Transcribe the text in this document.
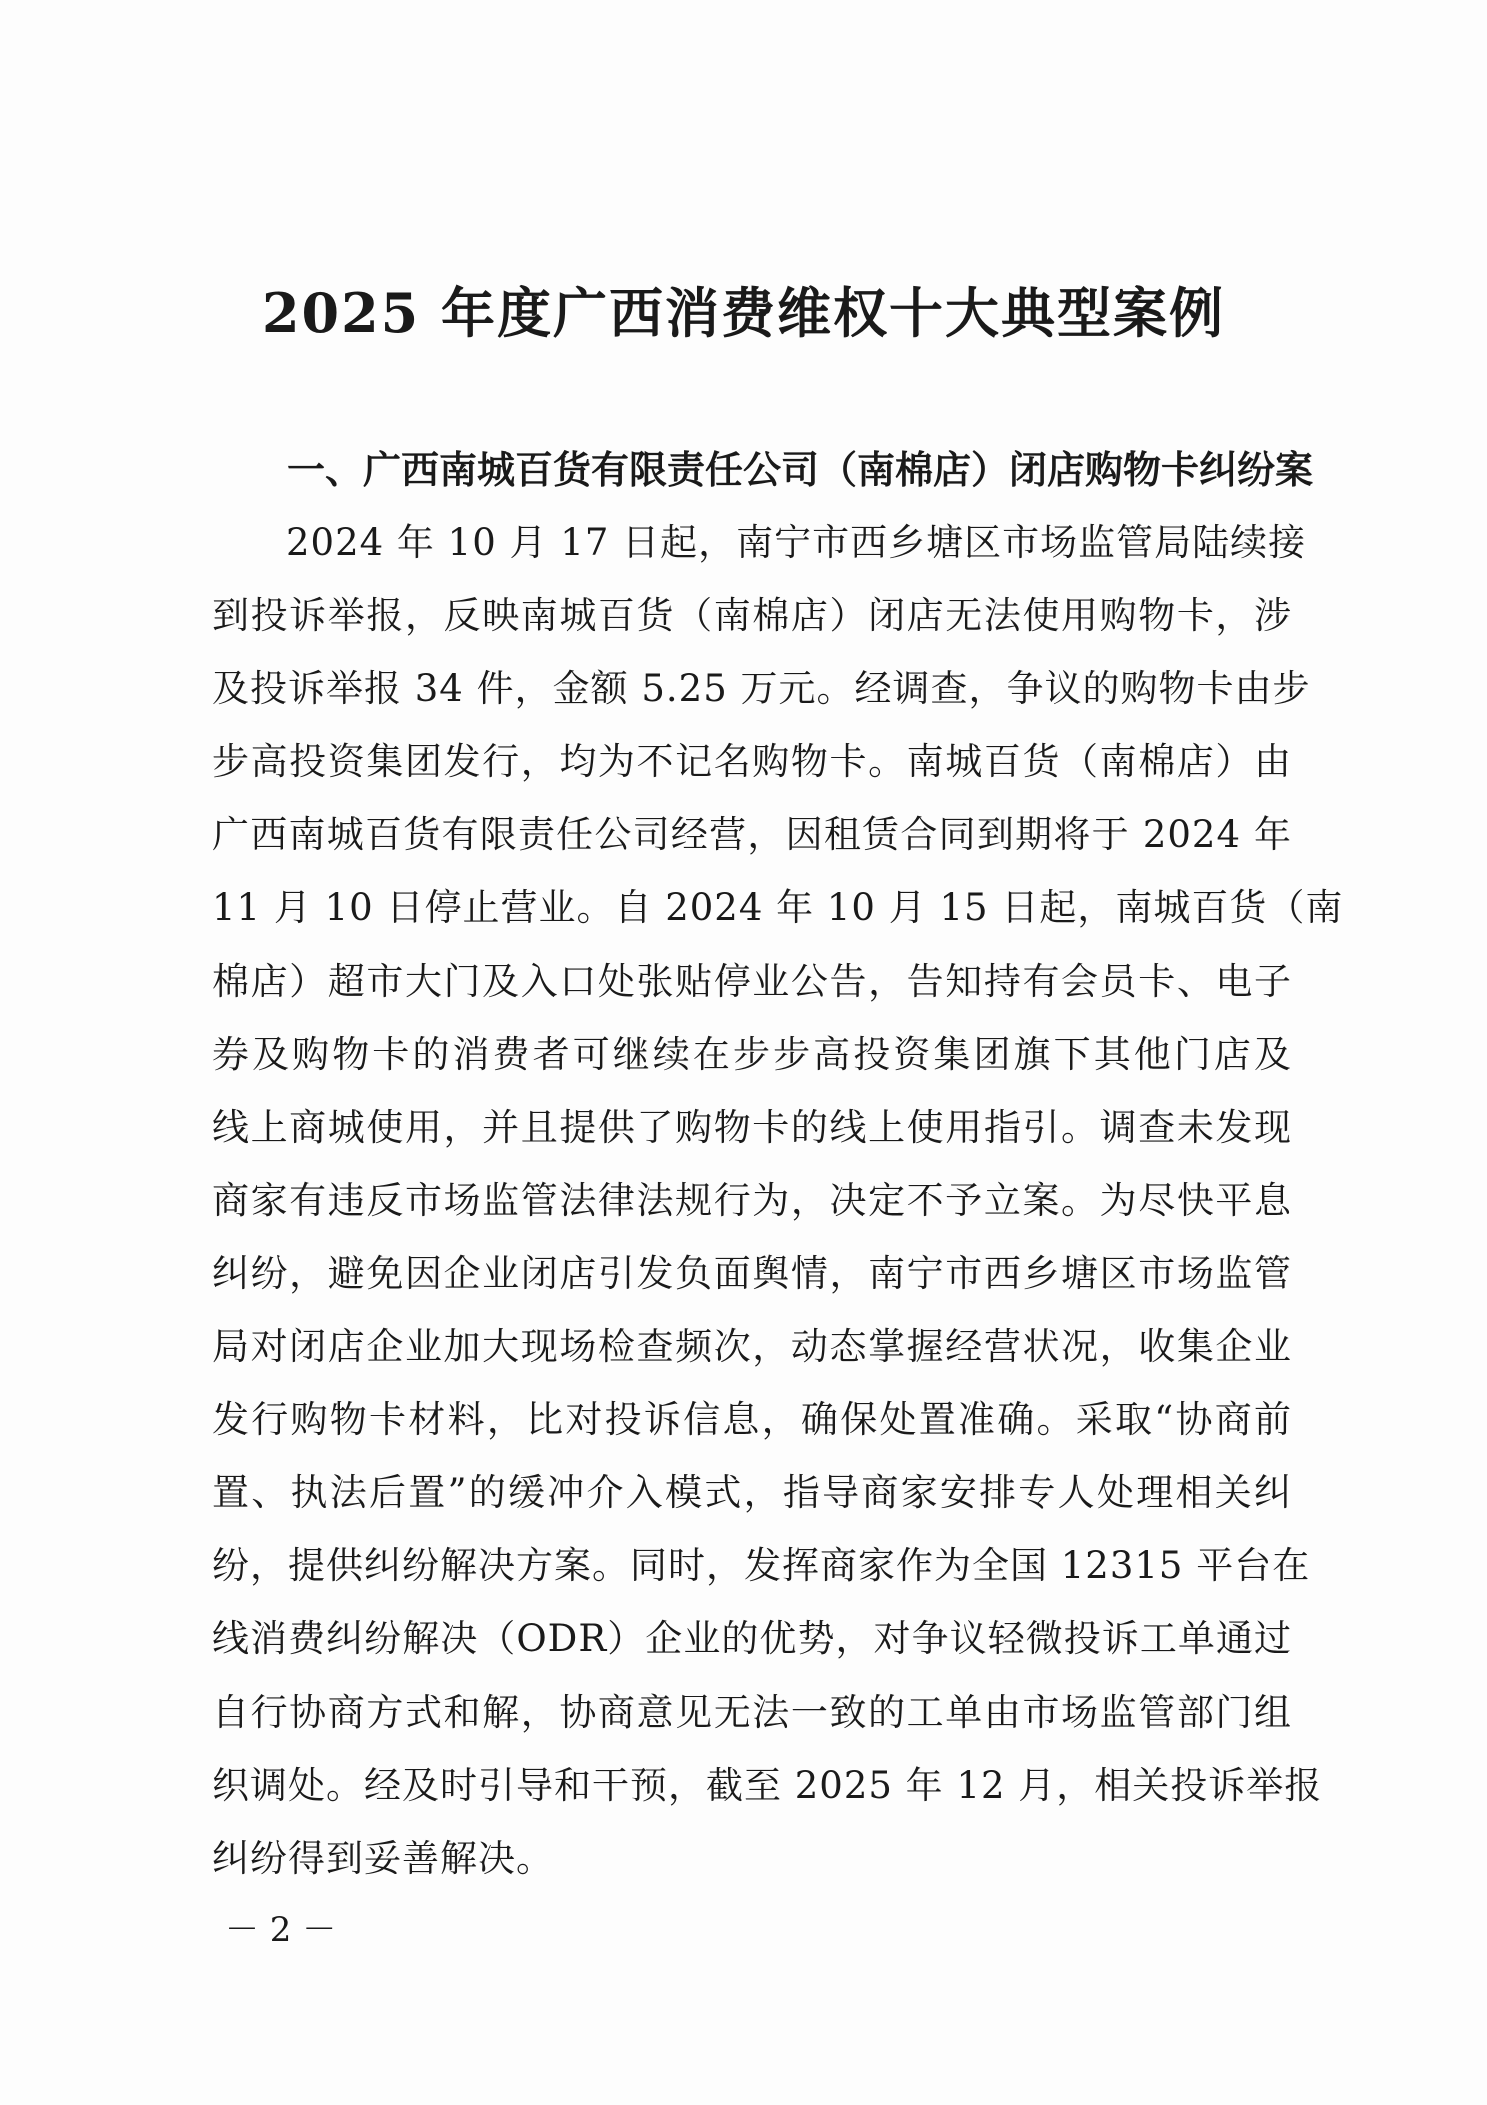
2025 年度广西消费维权十大典型案例
一、广西南城百货有限责任公司（南棉店）闭店购物卡纠纷案
2024 年 10 月 17 日起，南宁市西乡塘区市场监管局陆续接
到投诉举报，反映南城百货（南棉店）闭店无法使用购物卡，涉
及投诉举报 34 件，金额 5.25 万元。经调查，争议的购物卡由步
步高投资集团发行，均为不记名购物卡。南城百货（南棉店）由
广西南城百货有限责任公司经营，因租赁合同到期将于 2024 年
11 月 10 日停止营业。自 2024 年 10 月 15 日起，南城百货（南
棉店）超市大门及入口处张贴停业公告，告知持有会员卡、电子
券及购物卡的消费者可继续在步步高投资集团旗下其他门店及
线上商城使用，并且提供了购物卡的线上使用指引。调查未发现
商家有违反市场监管法律法规行为，决定不予立案。为尽快平息
纠纷，避免因企业闭店引发负面舆情，南宁市西乡塘区市场监管
局对闭店企业加大现场检查频次，动态掌握经营状况，收集企业
发行购物卡材料，比对投诉信息，确保处置准确。采取“协商前
置、执法后置”的缓冲介入模式，指导商家安排专人处理相关纠
纷，提供纠纷解决方案。同时，发挥商家作为全国 12315 平台在
线消费纠纷解决（ODR）企业的优势，对争议轻微投诉工单通过
自行协商方式和解，协商意见无法一致的工单由市场监管部门组
织调处。经及时引导和干预，截至 2025 年 12 月，相关投诉举报
纠纷得到妥善解决。
－ 2 －
